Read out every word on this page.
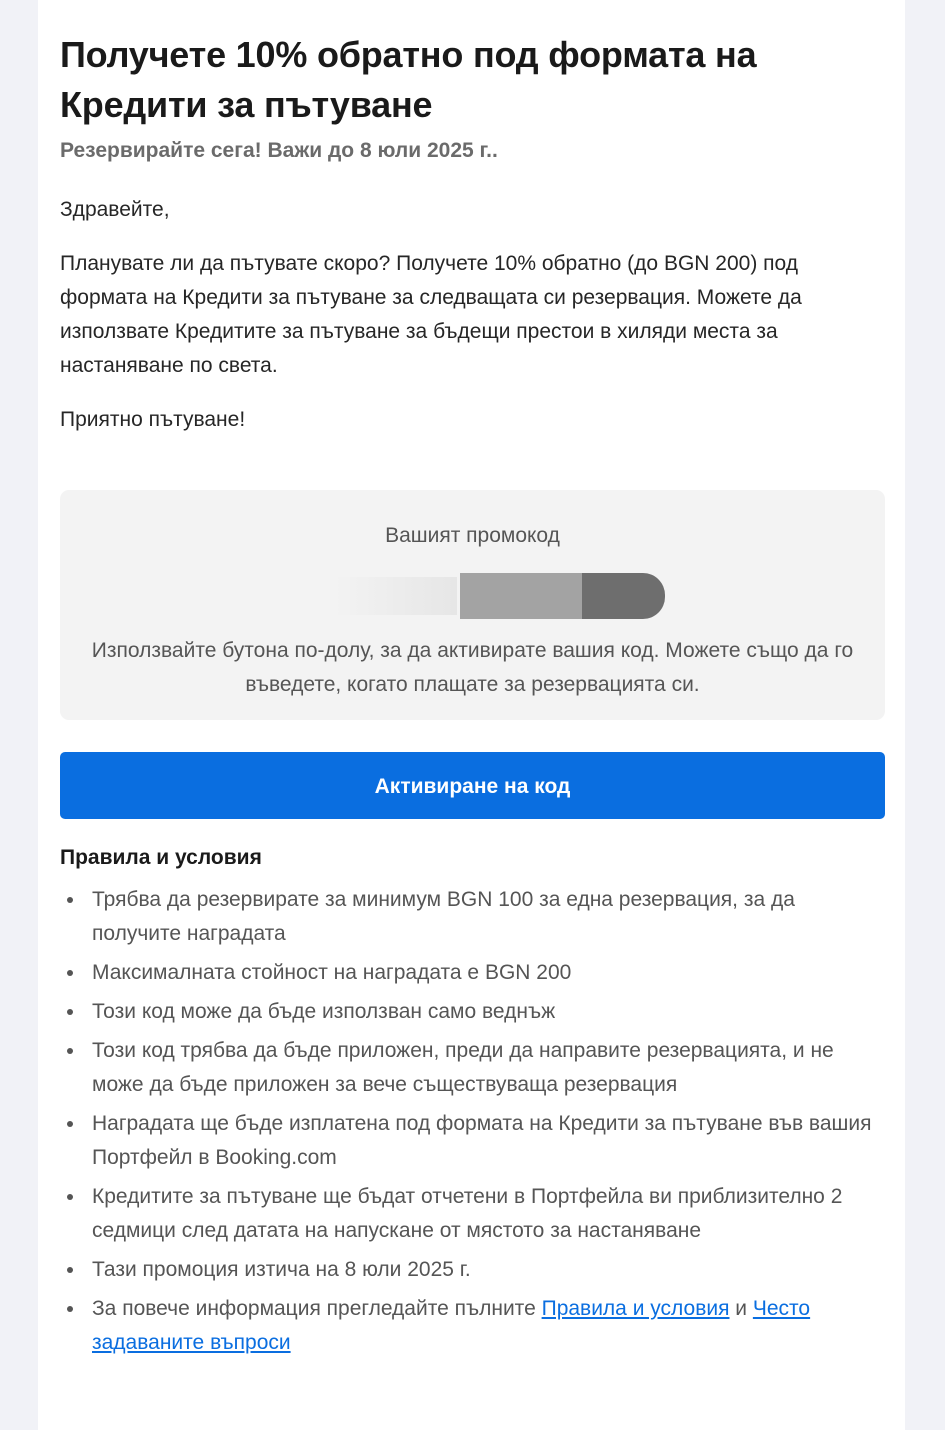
Получете 10% обратно под формата на Кредити за пътуване

Резервирайте сега! Важи до 8 юли 2025 г..

Здравейте,

Планувате ли да пътувате скоро? Получете 10% обратно (до BGN 200) под формата на Кредити за пътуване за следващата си резервация. Можете да използвате Кредитите за пътуване за бъдещи престои в хиляди места за настаняване по света.

Приятно пътуване!

Вашият промокод
Използвайте бутона по-долу, за да активирате вашия код. Можете също да го въведете, когато плащате за резервацията си.
Активиране на код
Правила и условия
Трябва да резервирате за минимум BGN 100 за една резервация, за да получите наградата
Максималната стойност на наградата е BGN 200
Този код може да бъде използван само веднъж
Този код трябва да бъде приложен, преди да направите резервацията, и не може да бъде приложен за вече съществуваща резервация
Наградата ще бъде изплатена под формата на Кредити за пътуване във вашия Портфейл в Booking.com
Кредитите за пътуване ще бъдат отчетени в Портфейла ви приблизително 2 седмици след датата на напускане от мястото за настаняване
Тази промоция изтича на 8 юли 2025 г.
За повече информация прегледайте пълните Правила и условия и Често задаваните въпроси
